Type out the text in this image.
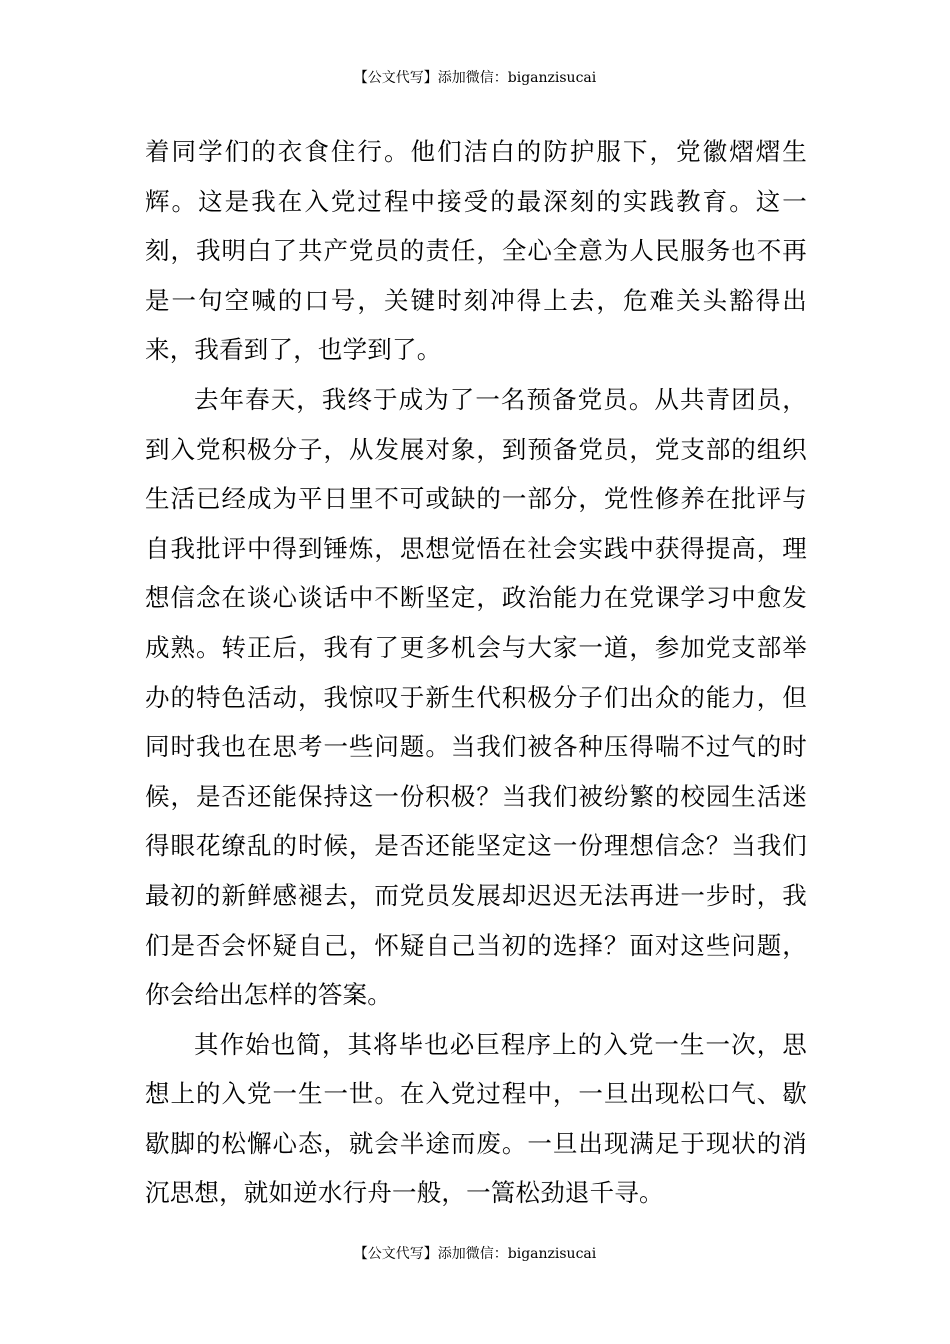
【公文代写】添加微信：biganzisucai

着同学们的衣食住行。他们洁白的防护服下，党徽熠熠生辉。这是我在入党过程中接受的最深刻的实践教育。这一刻，我明白了共产党员的责任，全心全意为人民服务也不再是一句空喊的口号，关键时刻冲得上去，危难关头豁得出来，我看到了，也学到了。

去年春天，我终于成为了一名预备党员。从共青团员，到入党积极分子，从发展对象，到预备党员，党支部的组织生活已经成为平日里不可或缺的一部分，党性修养在批评与自我批评中得到锤炼，思想觉悟在社会实践中获得提高，理想信念在谈心谈话中不断坚定，政治能力在党课学习中愈发成熟。转正后，我有了更多机会与大家一道，参加党支部举办的特色活动，我惊叹于新生代积极分子们出众的能力，但同时我也在思考一些问题。当我们被各种压得喘不过气的时候，是否还能保持这一份积极？当我们被纷繁的校园生活迷得眼花缭乱的时候，是否还能坚定这一份理想信念？当我们最初的新鲜感褪去，而党员发展却迟迟无法再进一步时，我们是否会怀疑自己，怀疑自己当初的选择？面对这些问题，你会给出怎样的答案。

其作始也简，其将毕也必巨程序上的入党一生一次，思想上的入党一生一世。在入党过程中，一旦出现松口气、歇歇脚的松懈心态，就会半途而废。一旦出现满足于现状的消沉思想，就如逆水行舟一般，一篙松劲退千寻。

【公文代写】添加微信：biganzisucai
